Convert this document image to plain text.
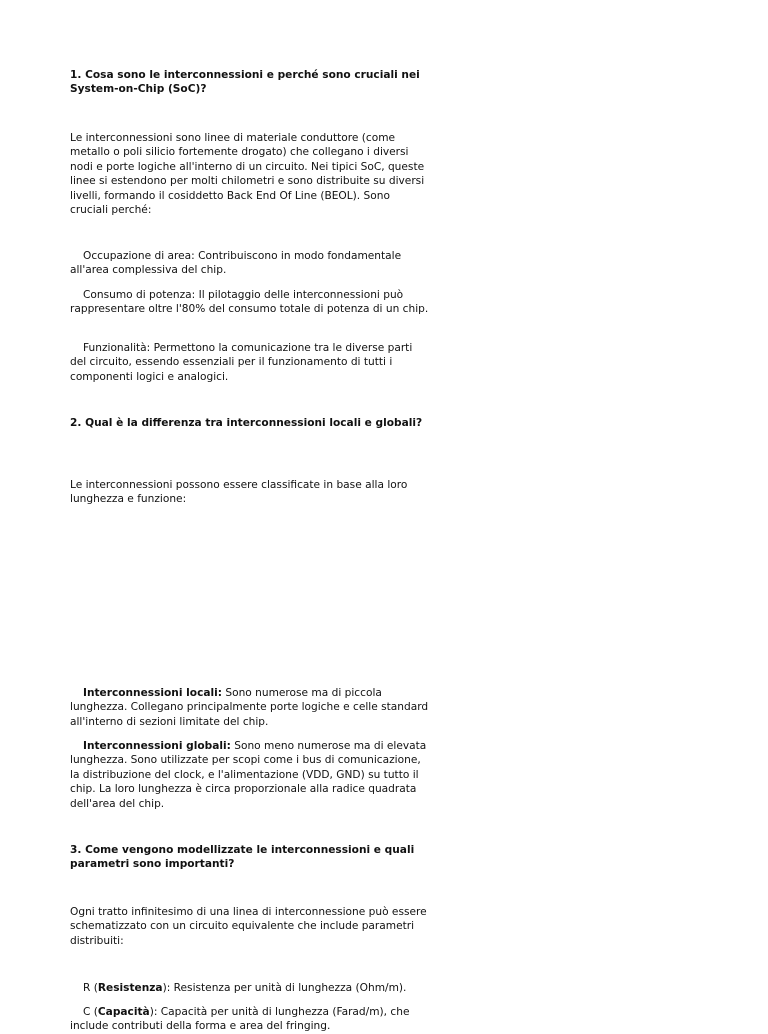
1. Cosa sono le interconnessioni e perché sono cruciali nei System-on-Chip (SoC)?

Le interconnessioni sono linee di materiale conduttore (come metallo o poli silicio fortemente drogato) che collegano i diversi nodi e porte logiche all'interno di un circuito. Nei tipici SoC, queste linee si estendono per molti chilometri e sono distribuite su diversi livelli, formando il cosiddetto Back End Of Line (BEOL). Sono cruciali perché:

Occupazione di area: Contribuiscono in modo fondamentale all'area complessiva del chip.

Consumo di potenza: Il pilotaggio delle interconnessioni può rappresentare oltre l'80% del consumo totale di potenza di un chip.

Funzionalità: Permettono la comunicazione tra le diverse parti del circuito, essendo essenziali per il funzionamento di tutti i componenti logici e analogici.

2. Qual è la differenza tra interconnessioni locali e globali?

Le interconnessioni possono essere classificate in base alla loro lunghezza e funzione:

Interconnessioni locali: Sono numerose ma di piccola lunghezza. Collegano principalmente porte logiche e celle standard all'interno di sezioni limitate del chip.

Interconnessioni globali: Sono meno numerose ma di elevata lunghezza. Sono utilizzate per scopi come i bus di comunicazione, la distribuzione del clock, e l'alimentazione (VDD, GND) su tutto il chip. La loro lunghezza è circa proporzionale alla radice quadrata dell'area del chip.

3. Come vengono modellizzate le interconnessioni e quali parametri sono importanti?

Ogni tratto infinitesimo di una linea di interconnessione può essere schematizzato con un circuito equivalente che include parametri distribuiti:

R (Resistenza): Resistenza per unità di lunghezza (Ohm/m).

C (Capacità): Capacità per unità di lunghezza (Farad/m), che include contributi della forma e area del fringing.
